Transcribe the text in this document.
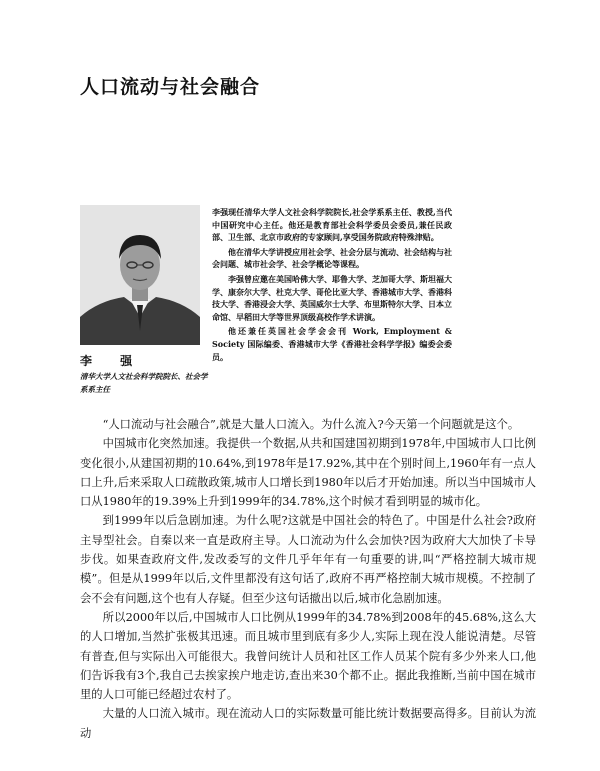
人口流动与社会融合
李 强
清华大学人文社会科学院院长、社会学系系主任

李强现任清华大学人文社会科学院院长,社会学系系主任、教授,当代中国研究中心主任。他还是教育部社会科学委员会委员,兼任民政部、卫生部、北京市政府的专家顾问,享受国务院政府特殊津贴。

他在清华大学讲授应用社会学、社会分层与流动、社会结构与社会问题、城市社会学、社会学概论等课程。

李强曾应邀在美国哈佛大学、耶鲁大学、芝加哥大学、斯坦福大学、康奈尔大学、杜克大学、哥伦比亚大学、香港城市大学、香港科技大学、香港浸会大学、英国威尔士大学、布里斯特尔大学、日本立命馆、早稻田大学等世界顶级高校作学术讲演。

他还兼任英国社会学会会刊 Work, Employment & Society 国际编委、香港城市大学《香港社会科学学报》编委会委员。

“人口流动与社会融合”,就是大量人口流入。为什么流入?今天第一个问题就是这个。

中国城市化突然加速。我提供一个数据,从共和国建国初期到1978年,中国城市人口比例变化很小,从建国初期的10.64%,到1978年是17.92%,其中在个别时间上,1960年有一点人口上升,后来采取人口疏散政策,城市人口增长到1980年以后才开始加速。所以当中国城市人口从1980年的19.39%上升到1999年的34.78%,这个时候才看到明显的城市化。

到1999年以后急剧加速。为什么呢?这就是中国社会的特色了。中国是什么社会?政府主导型社会。自秦以来一直是政府主导。人口流动为什么会加快?因为政府大大加快了卡导步伐。如果查政府文件,发改委写的文件几乎年年有一句重要的讲,叫“严格控制大城市规模”。但是从1999年以后,文件里都没有这句话了,政府不再严格控制大城市规模。不控制了会不会有问题,这个也有人存疑。但至少这句话撤出以后,城市化急剧加速。

所以2000年以后,中国城市人口比例从1999年的34.78%到2008年的45.68%,这么大的人口增加,当然扩张极其迅速。而且城市里到底有多少人,实际上现在没人能说清楚。尽管有普查,但与实际出入可能很大。我曾问统计人员和社区工作人员某个院有多少外来人口,他们告诉我有3个,我自己去挨家挨户地走访,查出来30个都不止。据此我推断,当前中国在城市里的人口可能已经超过农村了。

大量的人口流入城市。现在流动人口的实际数量可能比统计数据要高得多。目前认为流动
